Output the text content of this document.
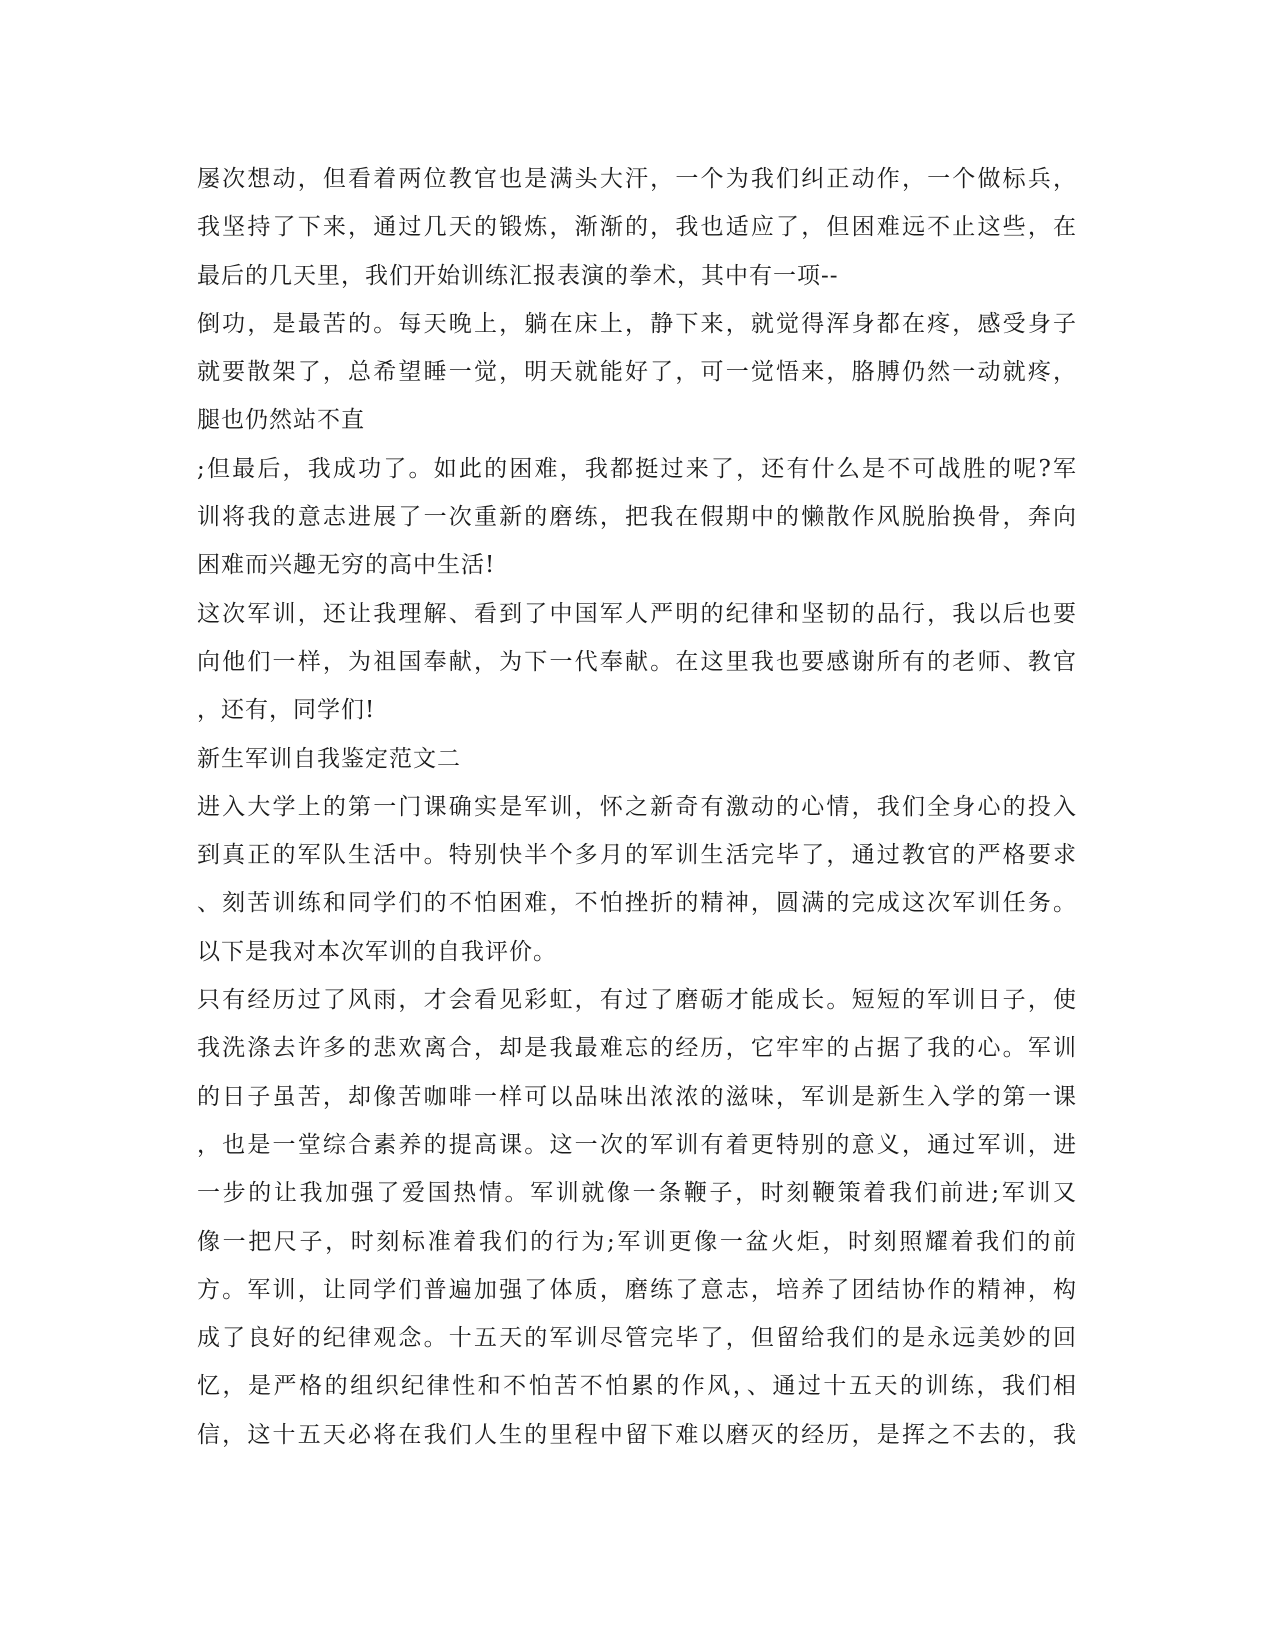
屡次想动，但看着两位教官也是满头大汗，一个为我们纠正动作，一个做标兵，
我坚持了下来，通过几天的锻炼，渐渐的，我也适应了，但困难远不止这些，在
最后的几天里，我们开始训练汇报表演的拳术，其中有一项--
倒功，是最苦的。每天晚上，躺在床上，静下来，就觉得浑身都在疼，感受身子
就要散架了，总希望睡一觉，明天就能好了，可一觉悟来，胳膊仍然一动就疼，
腿也仍然站不直
;但最后，我成功了。如此的困难，我都挺过来了，还有什么是不可战胜的呢?军
训将我的意志进展了一次重新的磨练，把我在假期中的懒散作风脱胎换骨，奔向
困难而兴趣无穷的高中生活!
这次军训，还让我理解、看到了中国军人严明的纪律和坚韧的品行，我以后也要
向他们一样，为祖国奉献，为下一代奉献。在这里我也要感谢所有的老师、教官
，还有，同学们!
新生军训自我鉴定范文二
进入大学上的第一门课确实是军训，怀之新奇有激动的心情，我们全身心的投入
到真正的军队生活中。特别快半个多月的军训生活完毕了，通过教官的严格要求
、刻苦训练和同学们的不怕困难，不怕挫折的精神，圆满的完成这次军训任务。
以下是我对本次军训的自我评价。
只有经历过了风雨，才会看见彩虹，有过了磨砺才能成长。短短的军训日子，使
我洗涤去许多的悲欢离合，却是我最难忘的经历，它牢牢的占据了我的心。军训
的日子虽苦，却像苦咖啡一样可以品味出浓浓的滋味，军训是新生入学的第一课
，也是一堂综合素养的提高课。这一次的军训有着更特别的意义，通过军训，进
一步的让我加强了爱国热情。军训就像一条鞭子，时刻鞭策着我们前进;军训又
像一把尺子，时刻标准着我们的行为;军训更像一盆火炬，时刻照耀着我们的前
方。军训，让同学们普遍加强了体质，磨练了意志，培养了团结协作的精神，构
成了良好的纪律观念。十五天的军训尽管完毕了，但留给我们的是永远美妙的回
忆，是严格的组织纪律性和不怕苦不怕累的作风，、通过十五天的训练，我们相
信，这十五天必将在我们人生的里程中留下难以磨灭的经历，是挥之不去的，我
